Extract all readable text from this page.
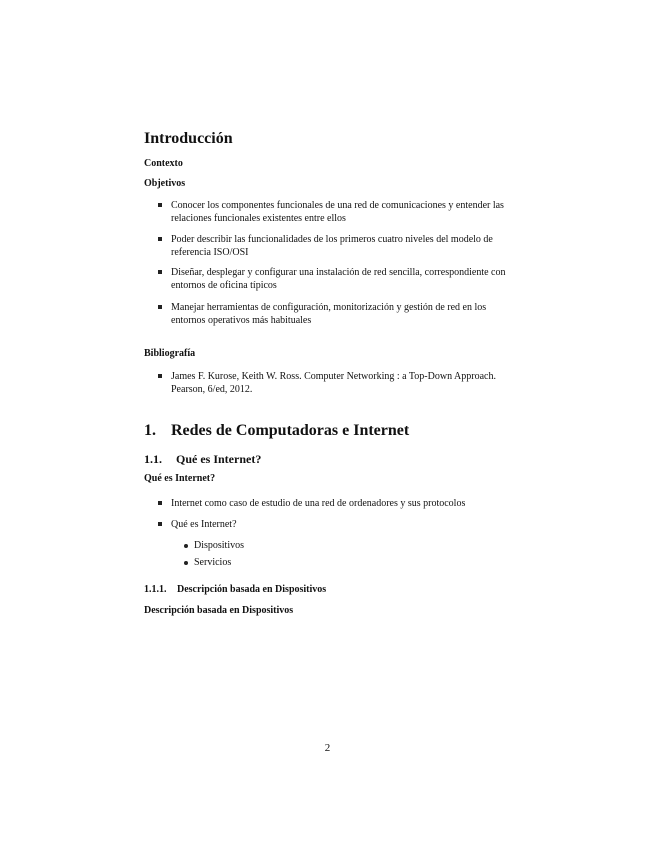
Introducción
Contexto
Objetivos
Conocer los componentes funcionales de una red de comunicaciones y entender las relaciones funcionales existentes entre ellos
Poder describir las funcionalidades de los primeros cuatro niveles del modelo de referencia ISO/OSI
Diseñar, desplegar y configurar una instalación de red sencilla, correspondiente con entornos de oficina típicos
Manejar herramientas de configuración, monitorización y gestión de red en los entornos operativos más habituales
Bibliografía
James F. Kurose, Keith W. Ross. Computer Networking : a Top-Down Approach. Pearson, 6/ed, 2012.
1. Redes de Computadoras e Internet
1.1. Qué es Internet?
Qué es Internet?
Internet como caso de estudio de una red de ordenadores y sus protocolos
Qué es Internet?
Dispositivos
Servicios
1.1.1. Descripción basada en Dispositivos
Descripción basada en Dispositivos
2
